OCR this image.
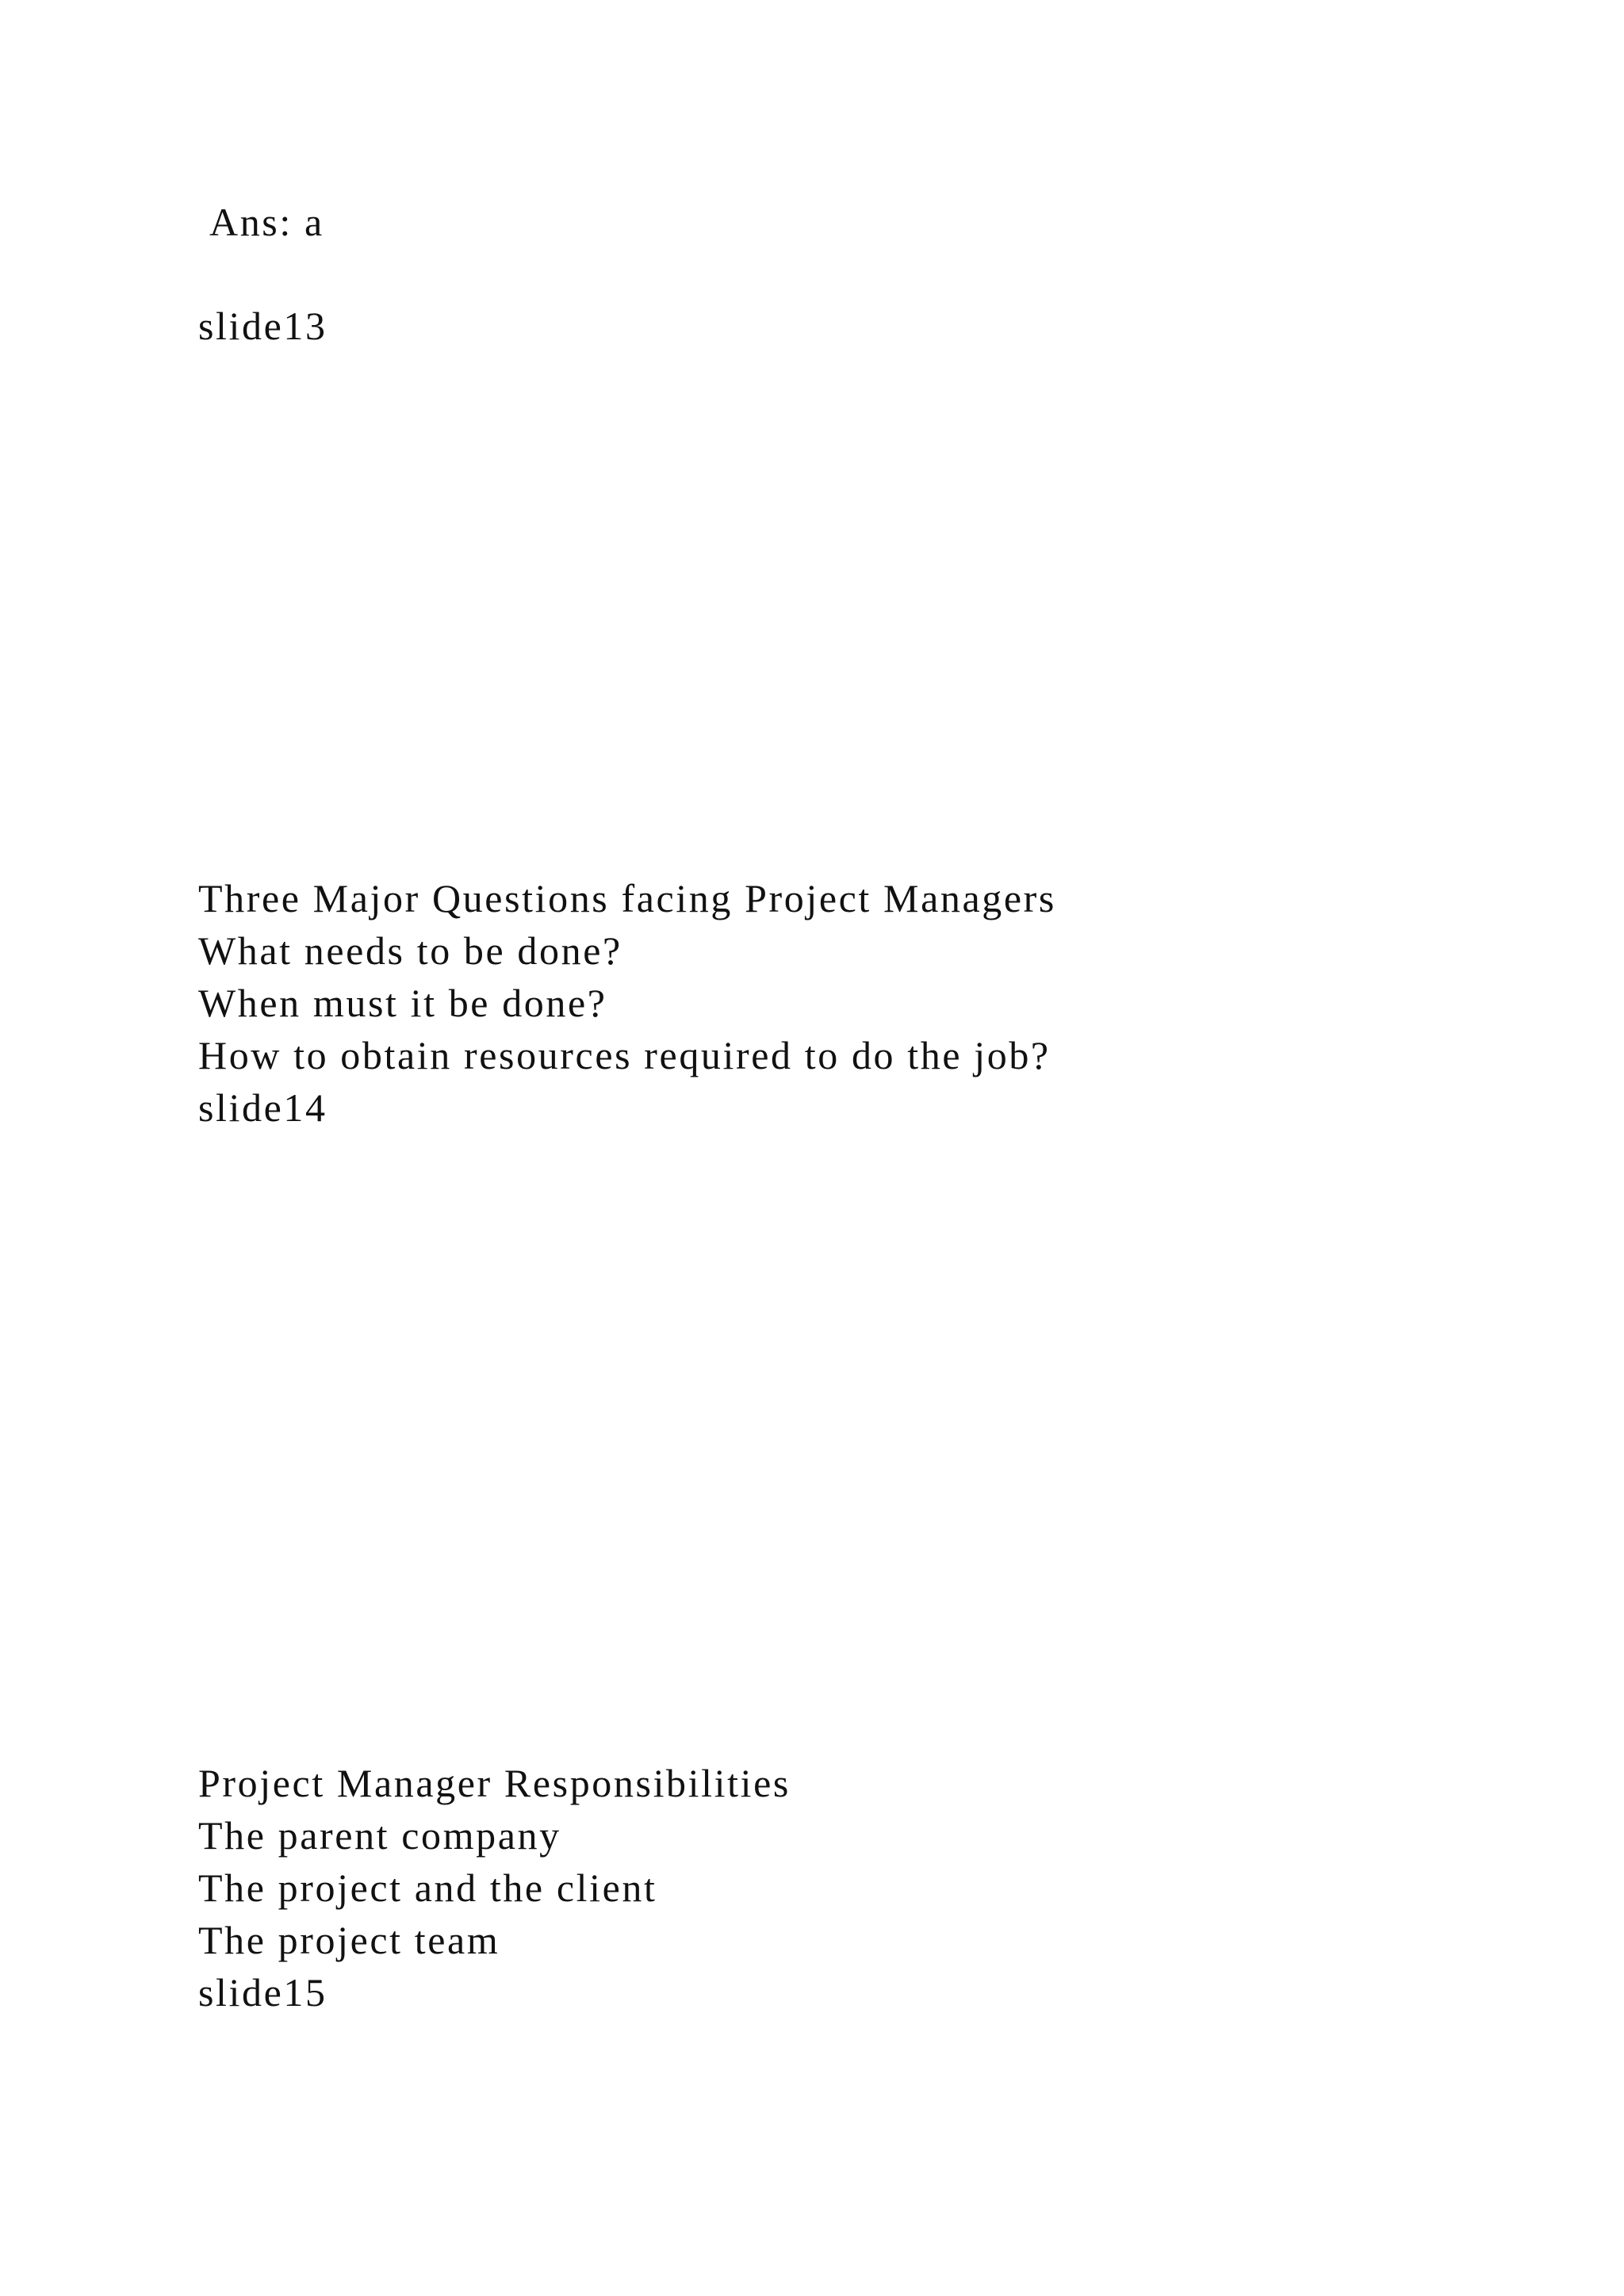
Ans: a

slide13

Three Major Questions facing Project Managers

What needs to be done?

When must it be done?

How to obtain resources required to do the job?

slide14

Project Manager Responsibilities

The parent company

The project and the client

The project team

slide15
